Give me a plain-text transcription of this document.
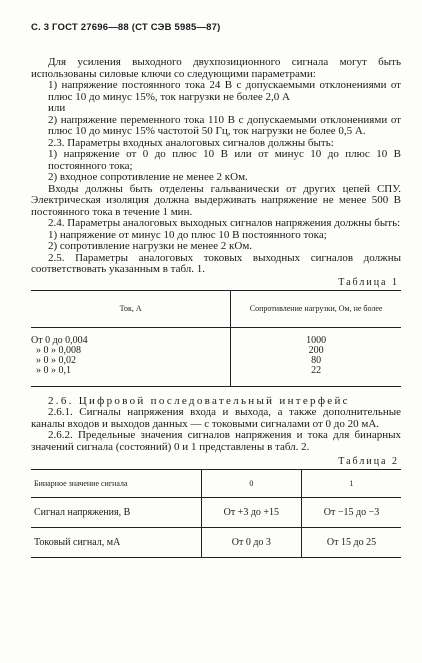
С. 3 ГОСТ 27696—88 (СТ СЭВ 5985—87)

Для усиления выходного двухпозиционного сигнала могут быть использованы силовые ключи со следующими параметрами:

1) напряжение постоянного тока 24 В с допускаемыми отклонениями от плюс 10 до минус 15%, ток нагрузки не более 2,0 А

или

2) напряжение переменного тока 110 В с допускаемыми отклонениями от плюс 10 до минус 15% частотой 50 Гц, ток нагрузки не более 0,5 А.

2.3. Параметры входных аналоговых сигналов должны быть:

1) напряжение от 0 до плюс 10 В или от минус 10 до плюс 10 В постоянного тока;

2) входное сопротивление не менее 2 кОм.

Входы должны быть отделены гальванически от других цепей СПУ. Электрическая изоляция должна выдерживать напряжение не менее 500 В постоянного тока в течение 1 мин.

2.4. Параметры аналоговых выходных сигналов напряжения должны быть:

1) напряжение от минус 10 до плюс 10 В постоянного тока;

2) сопротивление нагрузки не менее 2 кОм.

2.5. Параметры аналоговых токовых выходных сигналов должны соответствовать указанным в табл. 1.

Таблица 1
Ток, А	Сопротивление нагрузки, Ом, не более
От 0 до 0,004	1000
» 0 » 0,008	200
» 0 » 0,02	80
» 0 » 0,1	22

2.6. Цифровой последовательный интерфейс

2.6.1. Сигналы напряжения входа и выхода, а также дополнительные каналы входов и выходов данных — с токовыми сигналами от 0 до 20 мА.

2.6.2. Предельные значения сигналов напряжения и тока для бинарных значений сигнала (состояний) 0 и 1 представлены в табл. 2.

Таблица 2
Бинарное значение сигнала	0	1
Сигнал напряжения, В	От +3 до +15	От −15 до −3
Токовый сигнал, мА	От 0 до 3	От 15 до 25
